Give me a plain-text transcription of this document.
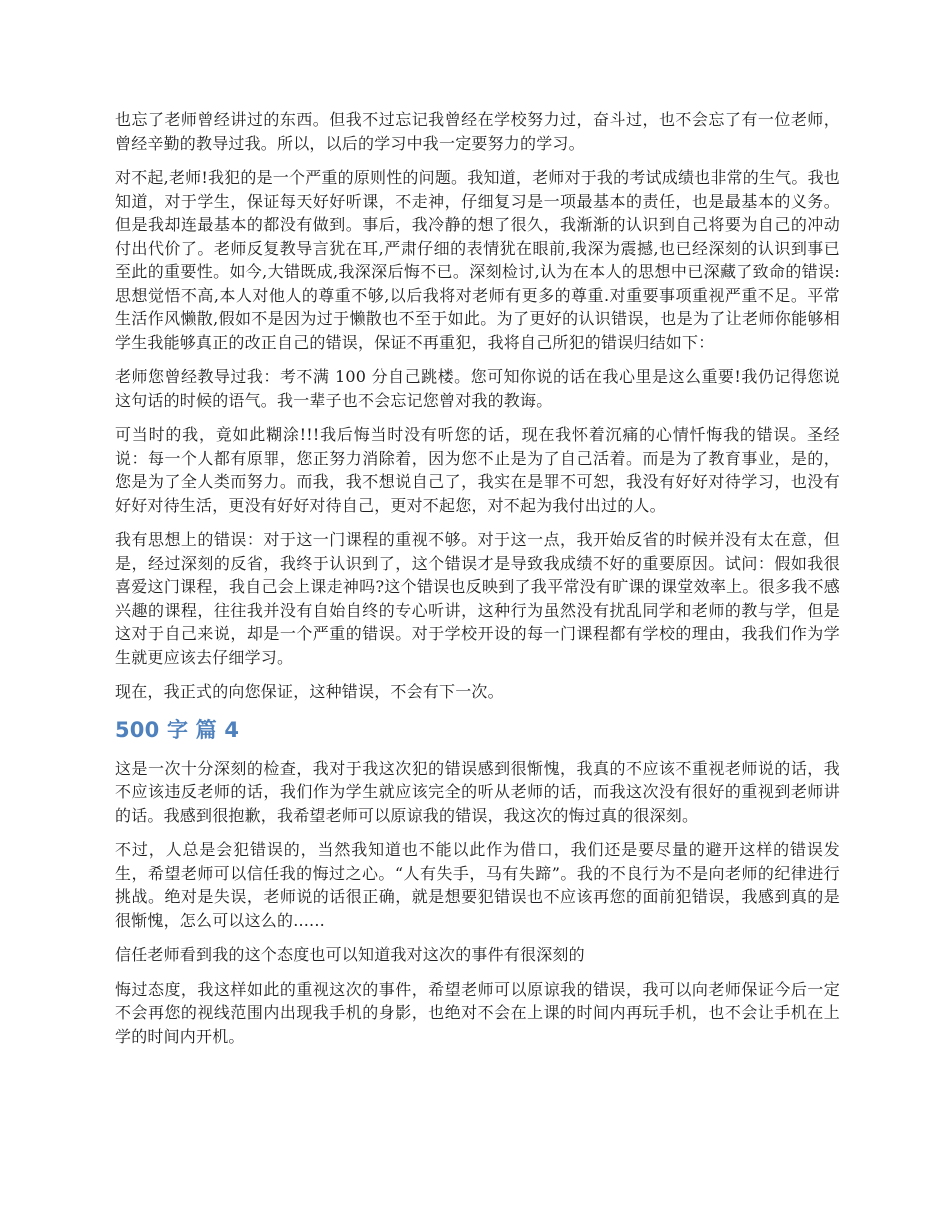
也忘了老师曾经讲过的东西。但我不过忘记我曾经在学校努力过，奋斗过，也不会忘了有一位老师，曾经辛勤的教导过我。所以，以后的学习中我一定要努力的学习。

对不起,老师!我犯的是一个严重的原则性的问题。我知道，老师对于我的考试成绩也非常的生气。我也知道，对于学生，保证每天好好听课，不走神，仔细复习是一项最基本的责任，也是最基本的义务。但是我却连最基本的都没有做到。事后，我冷静的想了很久，我渐渐的认识到自己将要为自己的冲动付出代价了。老师反复教导言犹在耳,严肃仔细的表情犹在眼前,我深为震撼,也已经深刻的认识到事已至此的重要性。如今,大错既成,我深深后悔不已。深刻检讨,认为在本人的思想中已深藏了致命的错误:思想觉悟不高,本人对他人的尊重不够,以后我将对老师有更多的尊重.对重要事项重视严重不足。平常生活作风懒散,假如不是因为过于懒散也不至于如此。为了更好的认识错误，也是为了让老师你能够相学生我能够真正的改正自己的错误，保证不再重犯，我将自己所犯的错误归结如下：

老师您曾经教导过我：考不满 100 分自己跳楼。您可知你说的话在我心里是这么重要!我仍记得您说这句话的时候的语气。我一辈子也不会忘记您曾对我的教诲。

可当时的我，竟如此糊涂!!!我后悔当时没有听您的话，现在我怀着沉痛的心情忏悔我的错误。圣经说：每一个人都有原罪，您正努力消除着，因为您不止是为了自己活着。而是为了教育事业，是的，您是为了全人类而努力。而我，我不想说自己了，我实在是罪不可恕，我没有好好对待学习，也没有好好对待生活，更没有好好对待自己，更对不起您，对不起为我付出过的人。

我有思想上的错误：对于这一门课程的重视不够。对于这一点，我开始反省的时候并没有太在意，但是，经过深刻的反省，我终于认识到了，这个错误才是导致我成绩不好的重要原因。试问：假如我很喜爱这门课程，我自己会上课走神吗?这个错误也反映到了我平常没有旷课的课堂效率上。很多我不感兴趣的课程，往往我并没有自始自终的专心听讲，这种行为虽然没有扰乱同学和老师的教与学，但是这对于自己来说，却是一个严重的错误。对于学校开设的每一门课程都有学校的理由，我我们作为学生就更应该去仔细学习。

现在，我正式的向您保证，这种错误，不会有下一次。

500 字 篇 4

这是一次十分深刻的检查，我对于我这次犯的错误感到很惭愧，我真的不应该不重视老师说的话，我不应该违反老师的话，我们作为学生就应该完全的听从老师的话，而我这次没有很好的重视到老师讲的话。我感到很抱歉，我希望老师可以原谅我的错误，我这次的悔过真的很深刻。

不过，人总是会犯错误的，当然我知道也不能以此作为借口，我们还是要尽量的避开这样的错误发生，希望老师可以信任我的悔过之心。“人有失手，马有失蹄”。我的不良行为不是向老师的纪律进行挑战。绝对是失误，老师说的话很正确，就是想要犯错误也不应该再您的面前犯错误，我感到真的是很惭愧，怎么可以这么的......

信任老师看到我的这个态度也可以知道我对这次的事件有很深刻的

悔过态度，我这样如此的重视这次的事件，希望老师可以原谅我的错误，我可以向老师保证今后一定不会再您的视线范围内出现我手机的身影，也绝对不会在上课的时间内再玩手机，也不会让手机在上学的时间内开机。
